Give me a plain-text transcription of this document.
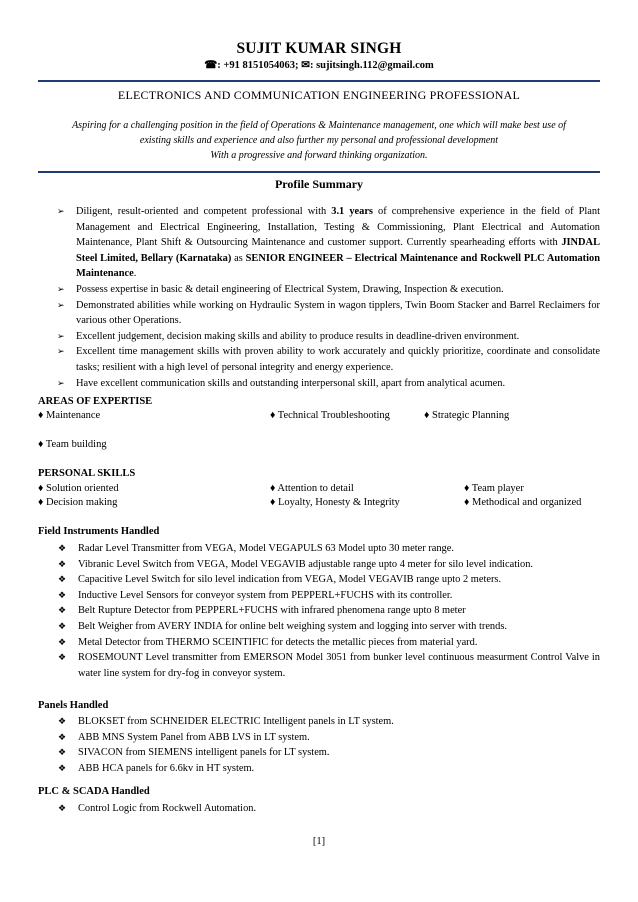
SUJIT KUMAR SINGH
☎: +91 8151054063; ✉: sujitsingh.112@gmail.com
ELECTRONICS AND COMMUNICATION ENGINEERING PROFESSIONAL
Aspiring for a challenging position in the field of Operations & Maintenance management, one which will make best use of
existing skills and experience and also further my personal and professional development
With a progressive and forward thinking organization.
Profile Summary
➢ Diligent, result-oriented and competent professional with 3.1 years of comprehensive experience in the field of Plant Management and Electrical Engineering, Installation, Testing & Commissioning, Plant Electrical and Automation Maintenance, Plant Shift & Outsourcing Maintenance and customer support. Currently spearheading efforts with JINDAL Steel Limited, Bellary (Karnataka) as SENIOR ENGINEER – Electrical Maintenance and Rockwell PLC Automation Maintenance.
➢ Possess expertise in basic & detail engineering of Electrical System, Drawing, Inspection & execution.
➢ Demonstrated abilities while working on Hydraulic System in wagon tipplers, Twin Boom Stacker and Barrel Reclaimers for various other Operations.
➢ Excellent judgement, decision making skills and ability to produce results in deadline-driven environment.
➢ Excellent time management skills with proven ability to work accurately and quickly prioritize, coordinate and consolidate tasks; resilient with a high level of personal integrity and energy experience.
➢ Have excellent communication skills and outstanding interpersonal skill, apart from analytical acumen.
AREAS OF EXPERTISE
♦ Maintenance	♦ Technical Troubleshooting	♦ Strategic Planning
♦ Team building
PERSONAL SKILLS
♦ Solution oriented	♦ Attention to detail	♦ Team player
♦ Decision making	♦ Loyalty, Honesty & Integrity	♦ Methodical and organized
Field Instruments Handled
❖ Radar Level Transmitter from VEGA, Model VEGAPULS 63 Model upto 30 meter range.
❖ Vibranic Level Switch from VEGA, Model VEGAVIB adjustable range upto 4 meter for silo level indication.
❖ Capacitive Level Switch for silo level indication from VEGA, Model VEGAVIB range upto 2 meters.
❖ Inductive Level Sensors for conveyor system from PEPPERL+FUCHS with its controller.
❖ Belt Rupture Detector from PEPPERL+FUCHS with infrared phenomena range upto 8 meter
❖ Belt Weigher from AVERY INDIA for online belt weighing system and logging into server with trends.
❖ Metal Detector from THERMO SCEINTIFIC for detects the metallic pieces from material yard.
❖ ROSEMOUNT Level transmitter from EMERSON Model 3051 from bunker level continuous measurment Control Valve in water line system for dry-fog in conveyor system.
Panels Handled
❖ BLOKSET from SCHNEIDER ELECTRIC Intelligent panels in LT system.
❖ ABB MNS System Panel from ABB LVS in LT system.
❖ SIVACON from SIEMENS intelligent panels for LT system.
❖ ABB HCA panels for 6.6kv in HT system.
PLC & SCADA Handled
❖ Control Logic from Rockwell Automation.
[1]
